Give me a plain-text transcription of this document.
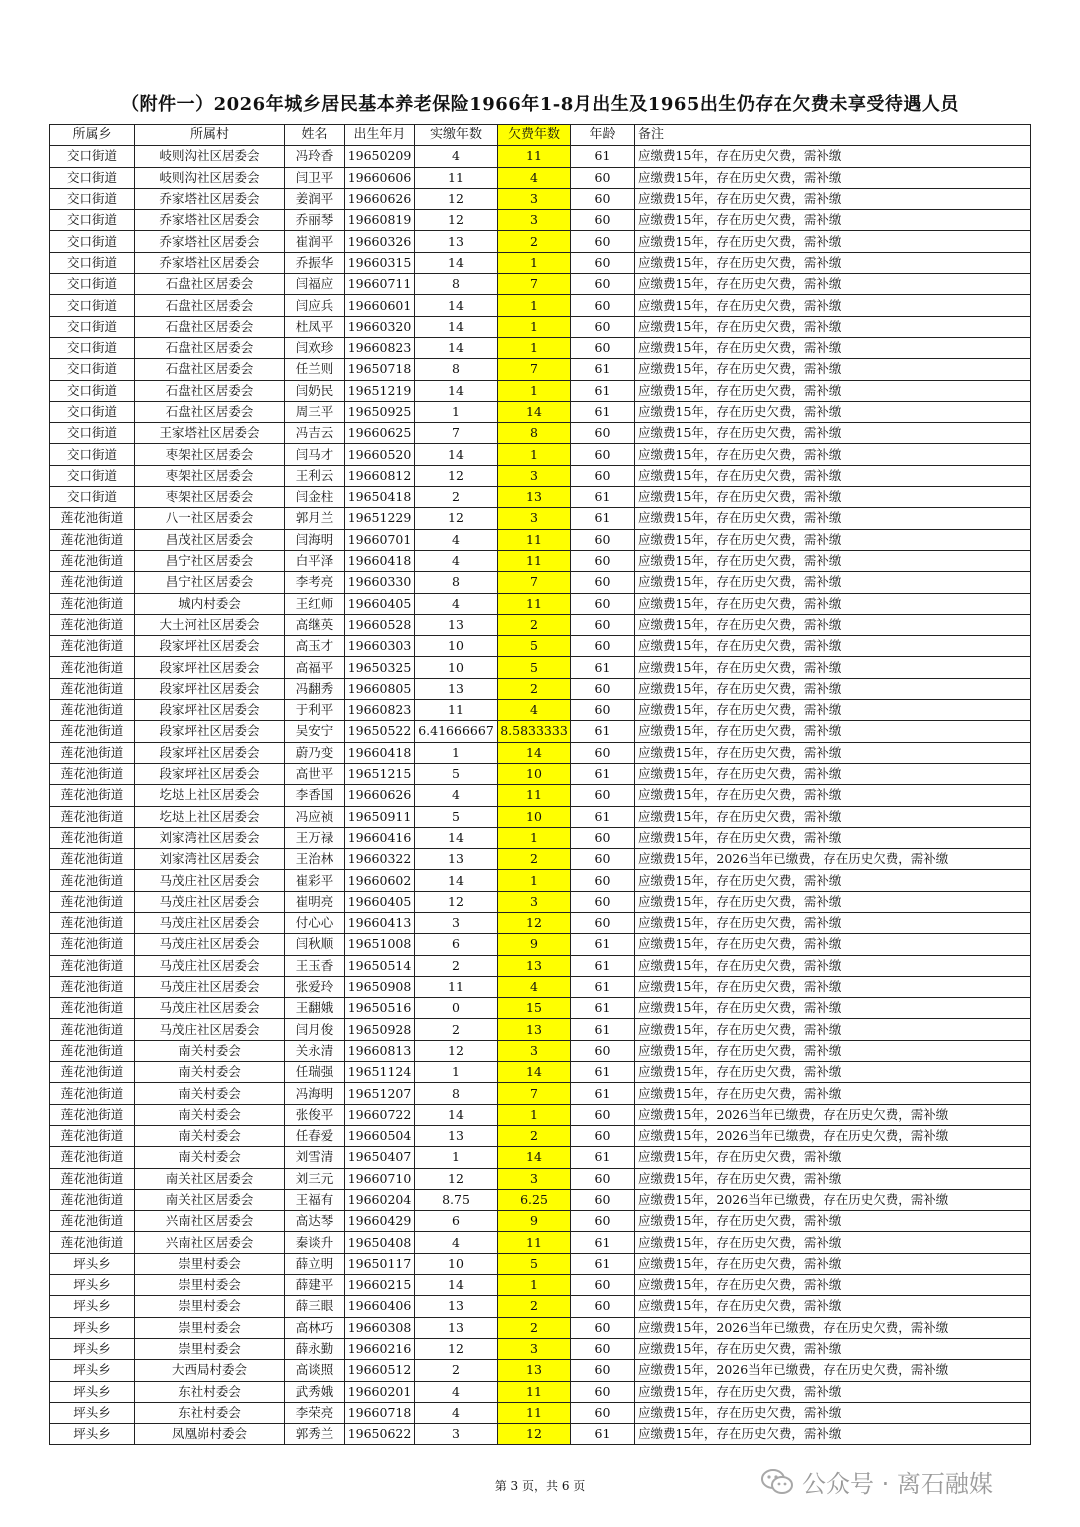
（附件一）2026年城乡居民基本养老保险1966年1-8月出生及1965出生仍存在欠费未享受待遇人员
所属乡	所属村	姓名	出生年月	实缴年数	欠费年数	年龄	备注
交口街道	岐则沟社区居委会	冯玲香	19650209	4	11	61	应缴费15年，存在历史欠费，需补缴
交口街道	岐则沟社区居委会	闫卫平	19660606	11	4	60	应缴费15年，存在历史欠费，需补缴
交口街道	乔家塔社区居委会	姜润平	19660626	12	3	60	应缴费15年，存在历史欠费，需补缴
交口街道	乔家塔社区居委会	乔丽琴	19660819	12	3	60	应缴费15年，存在历史欠费，需补缴
交口街道	乔家塔社区居委会	崔润平	19660326	13	2	60	应缴费15年，存在历史欠费，需补缴
交口街道	乔家塔社区居委会	乔振华	19660315	14	1	60	应缴费15年，存在历史欠费，需补缴
交口街道	石盘社区居委会	闫福应	19660711	8	7	60	应缴费15年，存在历史欠费，需补缴
交口街道	石盘社区居委会	闫应兵	19660601	14	1	60	应缴费15年，存在历史欠费，需补缴
交口街道	石盘社区居委会	杜凤平	19660320	14	1	60	应缴费15年，存在历史欠费，需补缴
交口街道	石盘社区居委会	闫欢珍	19660823	14	1	60	应缴费15年，存在历史欠费，需补缴
交口街道	石盘社区居委会	任兰则	19650718	8	7	61	应缴费15年，存在历史欠费，需补缴
交口街道	石盘社区居委会	闫奶民	19651219	14	1	61	应缴费15年，存在历史欠费，需补缴
交口街道	石盘社区居委会	周三平	19650925	1	14	61	应缴费15年，存在历史欠费，需补缴
交口街道	王家塔社区居委会	冯吉云	19660625	7	8	60	应缴费15年，存在历史欠费，需补缴
交口街道	枣架社区居委会	闫马才	19660520	14	1	60	应缴费15年，存在历史欠费，需补缴
交口街道	枣架社区居委会	王利云	19660812	12	3	60	应缴费15年，存在历史欠费，需补缴
交口街道	枣架社区居委会	闫金柱	19650418	2	13	61	应缴费15年，存在历史欠费，需补缴
莲花池街道	八一社区居委会	郭月兰	19651229	12	3	61	应缴费15年，存在历史欠费，需补缴
莲花池街道	昌茂社区居委会	闫海明	19660701	4	11	60	应缴费15年，存在历史欠费，需补缴
莲花池街道	昌宁社区居委会	白平泽	19660418	4	11	60	应缴费15年，存在历史欠费，需补缴
莲花池街道	昌宁社区居委会	李考亮	19660330	8	7	60	应缴费15年，存在历史欠费，需补缴
莲花池街道	城内村委会	王红师	19660405	4	11	60	应缴费15年，存在历史欠费，需补缴
莲花池街道	大土河社区居委会	高继英	19660528	13	2	60	应缴费15年，存在历史欠费，需补缴
莲花池街道	段家坪社区居委会	高玉才	19660303	10	5	60	应缴费15年，存在历史欠费，需补缴
莲花池街道	段家坪社区居委会	高福平	19650325	10	5	61	应缴费15年，存在历史欠费，需补缴
莲花池街道	段家坪社区居委会	冯翻秀	19660805	13	2	60	应缴费15年，存在历史欠费，需补缴
莲花池街道	段家坪社区居委会	于利平	19660823	11	4	60	应缴费15年，存在历史欠费，需补缴
莲花池街道	段家坪社区居委会	吴安宁	19650522	6.41666667	8.5833333	61	应缴费15年，存在历史欠费，需补缴
莲花池街道	段家坪社区居委会	蔚乃变	19660418	1	14	60	应缴费15年，存在历史欠费，需补缴
莲花池街道	段家坪社区居委会	高世平	19651215	5	10	61	应缴费15年，存在历史欠费，需补缴
莲花池街道	圪垯上社区居委会	李香国	19660626	4	11	60	应缴费15年，存在历史欠费，需补缴
莲花池街道	圪垯上社区居委会	冯应祯	19650911	5	10	61	应缴费15年，存在历史欠费，需补缴
莲花池街道	刘家湾社区居委会	王万禄	19660416	14	1	60	应缴费15年，存在历史欠费，需补缴
莲花池街道	刘家湾社区居委会	王治林	19660322	13	2	60	应缴费15年，2026当年已缴费，存在历史欠费，需补缴
莲花池街道	马茂庄社区居委会	崔彩平	19660602	14	1	60	应缴费15年，存在历史欠费，需补缴
莲花池街道	马茂庄社区居委会	崔明亮	19660405	12	3	60	应缴费15年，存在历史欠费，需补缴
莲花池街道	马茂庄社区居委会	付心心	19660413	3	12	60	应缴费15年，存在历史欠费，需补缴
莲花池街道	马茂庄社区居委会	闫秋顺	19651008	6	9	61	应缴费15年，存在历史欠费，需补缴
莲花池街道	马茂庄社区居委会	王玉香	19650514	2	13	61	应缴费15年，存在历史欠费，需补缴
莲花池街道	马茂庄社区居委会	张爱玲	19650908	11	4	61	应缴费15年，存在历史欠费，需补缴
莲花池街道	马茂庄社区居委会	王翻娥	19650516	0	15	61	应缴费15年，存在历史欠费，需补缴
莲花池街道	马茂庄社区居委会	闫月俊	19650928	2	13	61	应缴费15年，存在历史欠费，需补缴
莲花池街道	南关村委会	关永清	19660813	12	3	60	应缴费15年，存在历史欠费，需补缴
莲花池街道	南关村委会	任瑞强	19651124	1	14	61	应缴费15年，存在历史欠费，需补缴
莲花池街道	南关村委会	冯海明	19651207	8	7	61	应缴费15年，存在历史欠费，需补缴
莲花池街道	南关村委会	张俊平	19660722	14	1	60	应缴费15年，2026当年已缴费，存在历史欠费，需补缴
莲花池街道	南关村委会	任春爱	19660504	13	2	60	应缴费15年，2026当年已缴费，存在历史欠费，需补缴
莲花池街道	南关村委会	刘雪清	19650407	1	14	61	应缴费15年，存在历史欠费，需补缴
莲花池街道	南关社区居委会	刘三元	19660710	12	3	60	应缴费15年，存在历史欠费，需补缴
莲花池街道	南关社区居委会	王福有	19660204	8.75	6.25	60	应缴费15年，2026当年已缴费，存在历史欠费，需补缴
莲花池街道	兴南社区居委会	高达琴	19660429	6	9	60	应缴费15年，存在历史欠费，需补缴
莲花池街道	兴南社区居委会	秦谈升	19650408	4	11	61	应缴费15年，存在历史欠费，需补缴
坪头乡	崇里村委会	薛立明	19650117	10	5	61	应缴费15年，存在历史欠费，需补缴
坪头乡	崇里村委会	薛建平	19660215	14	1	60	应缴费15年，存在历史欠费，需补缴
坪头乡	崇里村委会	薛三眼	19660406	13	2	60	应缴费15年，存在历史欠费，需补缴
坪头乡	崇里村委会	高林巧	19660308	13	2	60	应缴费15年，2026当年已缴费，存在历史欠费，需补缴
坪头乡	崇里村委会	薛永勤	19660216	12	3	60	应缴费15年，存在历史欠费，需补缴
坪头乡	大西局村委会	高谈照	19660512	2	13	60	应缴费15年，2026当年已缴费，存在历史欠费，需补缴
坪头乡	东社村委会	武秀娥	19660201	4	11	60	应缴费15年，存在历史欠费，需补缴
坪头乡	东社村委会	李荣亮	19660718	4	11	60	应缴费15年，存在历史欠费，需补缴
坪头乡	凤凰峁村委会	郭秀兰	19650622	3	12	61	应缴费15年，存在历史欠费，需补缴
公众号 · 离石融媒
第 3 页，共 6 页
